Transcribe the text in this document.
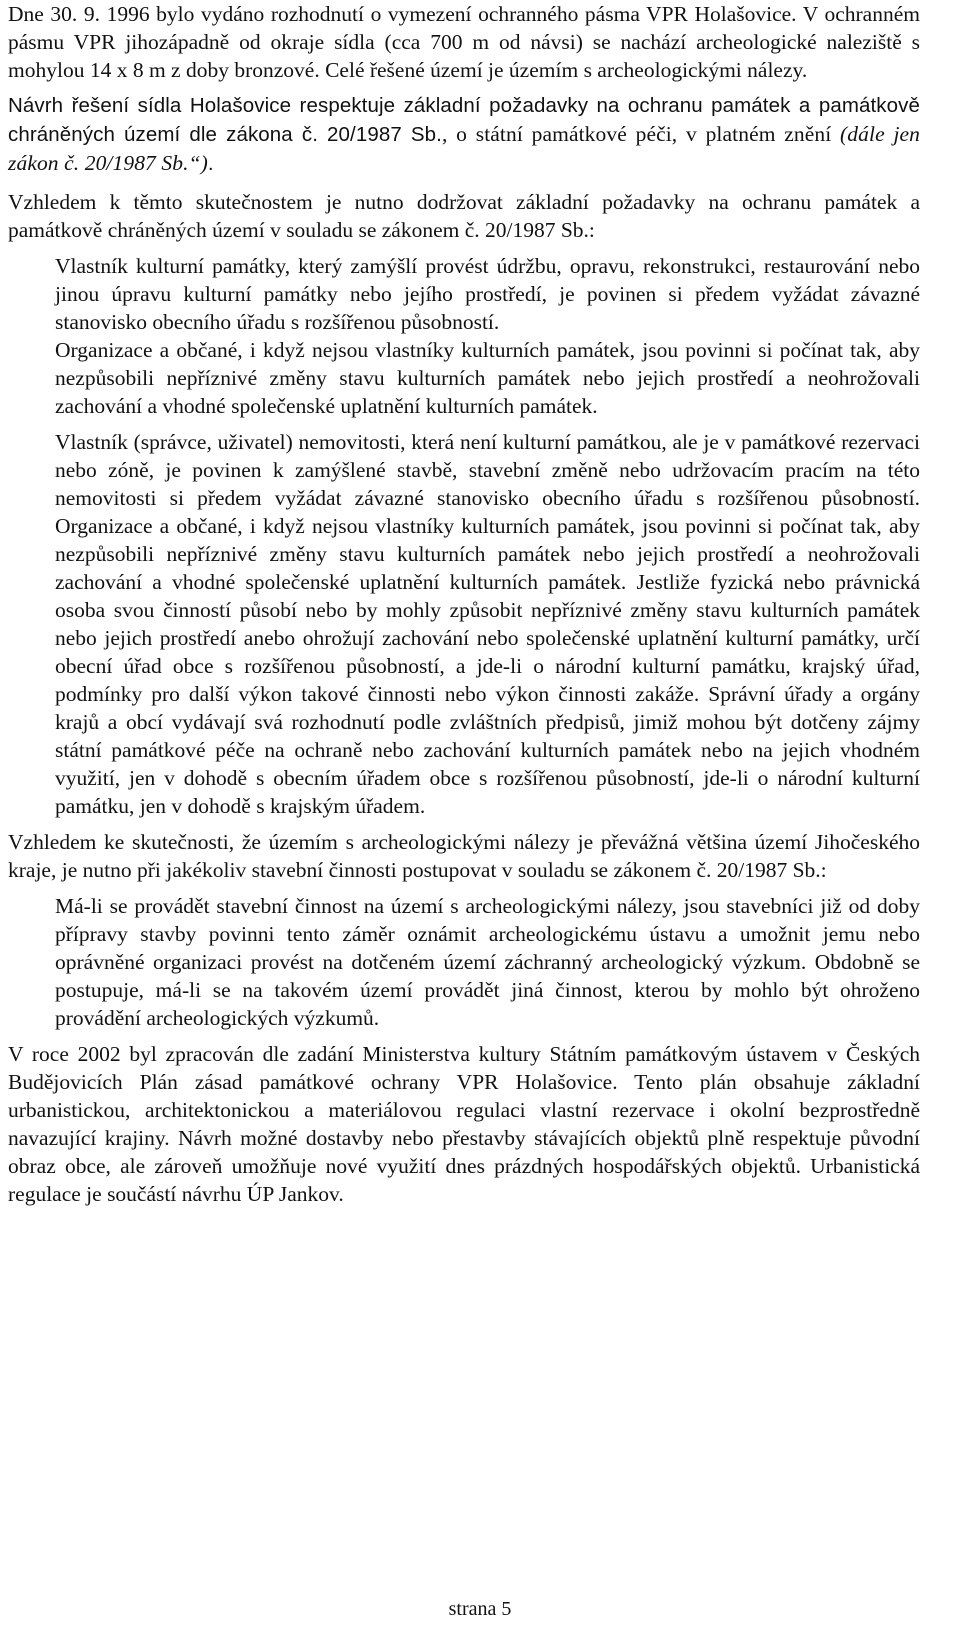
Dne 30. 9. 1996 bylo vydáno rozhodnutí o vymezení ochranného pásma VPR Holašovice. V ochranném pásmu VPR jihozápadně od okraje sídla (cca 700 m od návsi) se nachází archeologické naleziště s mohylou 14 x 8 m z doby bronzové. Celé řešené území je územím s archeologickými nálezy.

Návrh řešení sídla Holašovice respektuje základní požadavky na ochranu památek a památkově chráněných území dle zákona č. 20/1987 Sb., o státní památkové péči, v platném znění (dále jen zákon č. 20/1987 Sb.“).

Vzhledem k těmto skutečnostem je nutno dodržovat základní požadavky na ochranu památek a památkově chráněných území v souladu se zákonem č. 20/1987 Sb.:

Vlastník kulturní památky, který zamýšlí provést údržbu, opravu, rekonstrukci, restaurování nebo jinou úpravu kulturní památky nebo jejího prostředí, je povinen si předem vyžádat závazné stanovisko obecního úřadu s rozšířenou působností.

Organizace a občané, i když nejsou vlastníky kulturních památek, jsou povinni si počínat tak, aby nezpůsobili nepříznivé změny stavu kulturních památek nebo jejich prostředí a neohrožovali zachování a vhodné společenské uplatnění kulturních památek.

Vlastník (správce, uživatel) nemovitosti, která není kulturní památkou, ale je v památkové rezervaci nebo zóně, je povinen k zamýšlené stavbě, stavební změně nebo udržovacím pracím na této nemovitosti si předem vyžádat závazné stanovisko obecního úřadu s rozšířenou působností. Organizace a občané, i když nejsou vlastníky kulturních památek, jsou povinni si počínat tak, aby nezpůsobili nepříznivé změny stavu kulturních památek nebo jejich prostředí a neohrožovali zachování a vhodné společenské uplatnění kulturních památek. Jestliže fyzická nebo právnická osoba svou činností působí nebo by mohly způsobit nepříznivé změny stavu kulturních památek nebo jejich prostředí anebo ohrožují zachování nebo společenské uplatnění kulturní památky, určí obecní úřad obce s rozšířenou působností, a jde-li o národní kulturní památku, krajský úřad, podmínky pro další výkon takové činnosti nebo výkon činnosti zakáže. Správní úřady a orgány krajů a obcí vydávají svá rozhodnutí podle zvláštních předpisů, jimiž mohou být dotčeny zájmy státní památkové péče na ochraně nebo zachování kulturních památek nebo na jejich vhodném využití, jen v dohodě s obecním úřadem obce s rozšířenou působností, jde-li o národní kulturní památku, jen v dohodě s krajským úřadem.

Vzhledem ke skutečnosti, že územím s archeologickými nálezy je převážná většina území Jihočeského kraje, je nutno při jakékoliv stavební činnosti postupovat v souladu se zákonem č. 20/1987 Sb.:

Má-li se provádět stavební činnost na území s archeologickými nálezy, jsou stavebníci již od doby přípravy stavby povinni tento záměr oznámit archeologickému ústavu a umožnit jemu nebo oprávněné organizaci provést na dotčeném území záchranný archeologický výzkum. Obdobně se postupuje, má-li se na takovém území provádět jiná činnost, kterou by mohlo být ohroženo provádění archeologických výzkumů.

V roce 2002 byl zpracován dle zadání Ministerstva kultury Státním památkovým ústavem v Českých Budějovicích Plán zásad památkové ochrany VPR Holašovice. Tento plán obsahuje základní urbanistickou, architektonickou a materiálovou regulaci vlastní rezervace i okolní bezprostředně navazující krajiny. Návrh možné dostavby nebo přestavby stávajících objektů plně respektuje původní obraz obce, ale zároveň umožňuje nové využití dnes prázdných hospodářských objektů. Urbanistická regulace je součástí návrhu ÚP Jankov.

strana 5
